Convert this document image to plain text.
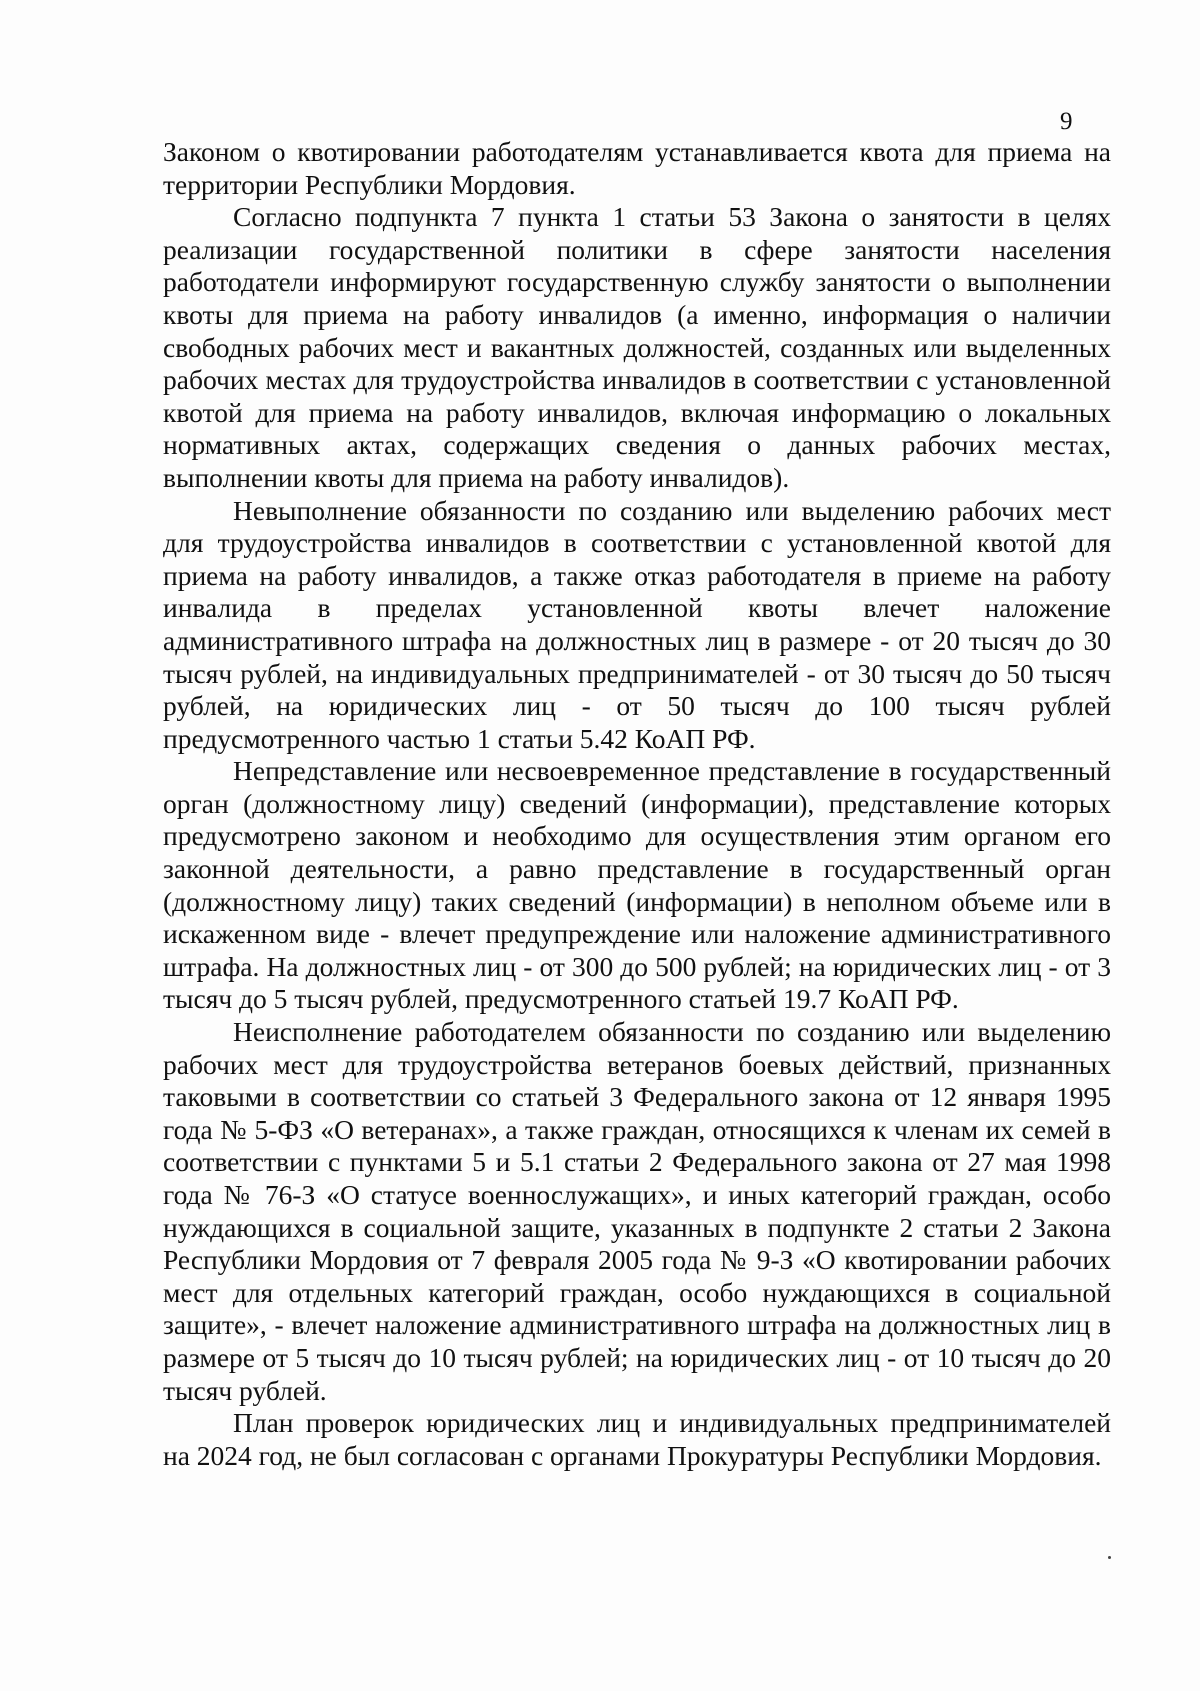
9

Законом о квотировании работодателям устанавливается квота для приема на территории Республики Мордовия.

Согласно подпункта 7 пункта 1 статьи 53 Закона о занятости в целях реализации государственной политики в сфере занятости населения работодатели информируют государственную службу занятости о выполнении квоты для приема на работу инвалидов (а именно, информация о наличии свободных рабочих мест и вакантных должностей, созданных или выделенных рабочих местах для трудоустройства инвалидов в соответствии с установленной квотой для приема на работу инвалидов, включая информацию о локальных нормативных актах, содержащих сведения о данных рабочих местах, выполнении квоты для приема на работу инвалидов).

Невыполнение обязанности по созданию или выделению рабочих мест для трудоустройства инвалидов в соответствии с установленной квотой для приема на работу инвалидов, а также отказ работодателя в приеме на работу инвалида в пределах установленной квоты влечет наложение административного штрафа на должностных лиц в размере - от 20 тысяч до 30 тысяч рублей, на индивидуальных предпринимателей - от 30 тысяч до 50 тысяч рублей, на юридических лиц - от 50 тысяч до 100 тысяч рублей предусмотренного частью 1 статьи 5.42 КоАП РФ.

Непредставление или несвоевременное представление в государственный орган (должностному лицу) сведений (информации), представление которых предусмотрено законом и необходимо для осуществления этим органом его законной деятельности, а равно представление в государственный орган (должностному лицу) таких сведений (информации) в неполном объеме или в искаженном виде - влечет предупреждение или наложение административного штрафа. На должностных лиц - от 300 до 500 рублей; на юридических лиц - от 3 тысяч до 5 тысяч рублей, предусмотренного статьей 19.7 КоАП РФ.

Неисполнение работодателем обязанности по созданию или выделению рабочих мест для трудоустройства ветеранов боевых действий, признанных таковыми в соответствии со статьей 3 Федерального закона от 12 января 1995 года № 5-ФЗ «О ветеранах», а также граждан, относящихся к членам их семей в соответствии с пунктами 5 и 5.1 статьи 2 Федерального закона от 27 мая 1998 года № 76-З «О статусе военнослужащих», и иных категорий граждан, особо нуждающихся в социальной защите, указанных в подпункте 2 статьи 2 Закона Республики Мордовия от 7 февраля 2005 года № 9-З «О квотировании рабочих мест для отдельных категорий граждан, особо нуждающихся в социальной защите», - влечет наложение административного штрафа на должностных лиц в размере от 5 тысяч до 10 тысяч рублей; на юридических лиц - от 10 тысяч до 20 тысяч рублей.

План проверок юридических лиц и индивидуальных предпринимателей на 2024 год, не был согласован с органами Прокуратуры Республики Мордовия.
